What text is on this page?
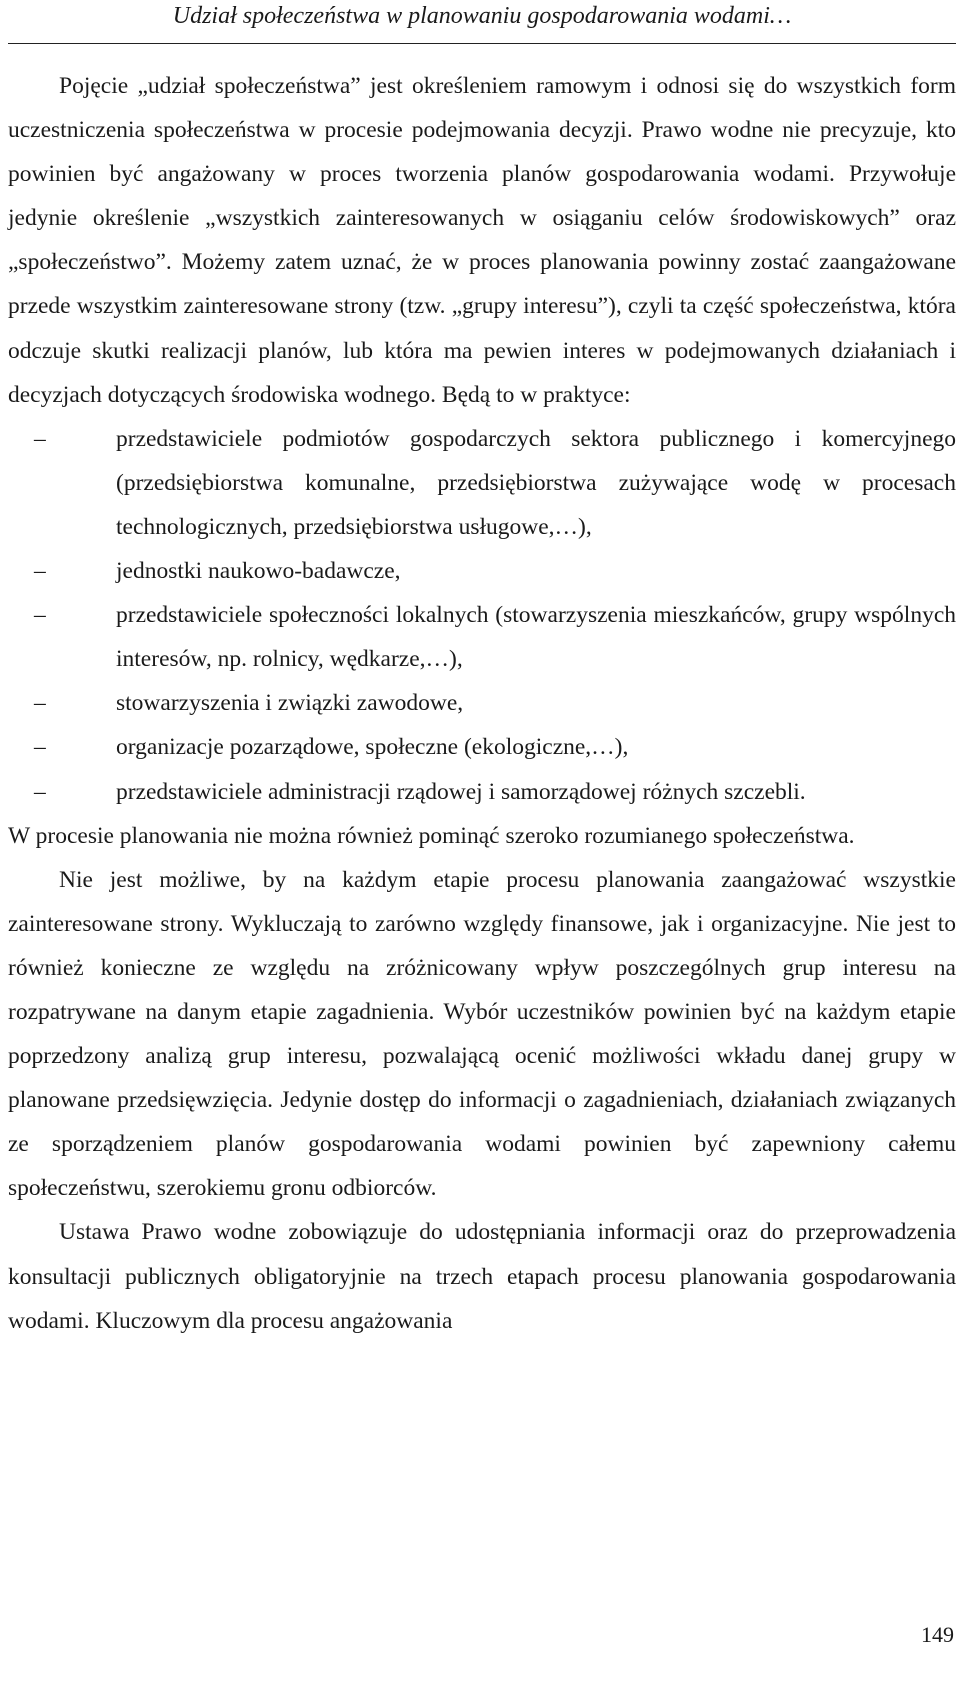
Udział społeczeństwa w planowaniu gospodarowania wodami…

Pojęcie „udział społeczeństwa” jest określeniem ramowym i odnosi się do wszystkich form uczestniczenia społeczeństwa w procesie podejmowania decyzji. Prawo wodne nie precyzuje, kto powinien być angażowany w proces tworzenia planów gospodarowania wodami. Przywołuje jedynie określenie „wszystkich zainteresowanych w osiąganiu celów środowiskowych” oraz „społeczeństwo”. Możemy zatem uznać, że w proces planowania powinny zostać zaangażowane przede wszystkim zainteresowane strony (tzw. „grupy interesu”), czyli ta część społeczeństwa, która odczuje skutki realizacji planów, lub która ma pewien interes w podejmowanych działaniach i decyzjach dotyczących środowiska wodnego. Będą to w praktyce:

–	przedstawiciele podmiotów gospodarczych sektora publicznego i komercyjnego (przedsiębiorstwa komunalne, przedsiębiorstwa zużywające wodę w procesach technologicznych, przedsiębiorstwa usługowe,…),
–	jednostki naukowo-badawcze,
–	przedstawiciele społeczności lokalnych (stowarzyszenia mieszkańców, grupy wspólnych interesów, np. rolnicy, wędkarze,…),
–	stowarzyszenia i związki zawodowe,
–	organizacje pozarządowe, społeczne (ekologiczne,…),
–	przedstawiciele administracji rządowej i samorządowej różnych szczebli.

W procesie planowania nie można również pominąć szeroko rozumianego społeczeństwa.

Nie jest możliwe, by na każdym etapie procesu planowania zaangażować wszystkie zainteresowane strony. Wykluczają to zarówno względy finansowe, jak i organizacyjne. Nie jest to również konieczne ze względu na zróżnicowany wpływ poszczególnych grup interesu na rozpatrywane na danym etapie zagadnienia. Wybór uczestników powinien być na każdym etapie poprzedzony analizą grup interesu, pozwalającą ocenić możliwości wkładu danej grupy w planowane przedsięwzięcia. Jedynie dostęp do informacji o zagadnieniach, działaniach związanych ze sporządzeniem planów gospodarowania wodami powinien być zapewniony całemu społeczeństwu, szerokiemu gronu odbiorców.

Ustawa Prawo wodne zobowiązuje do udostępniania informacji oraz do przeprowadzenia konsultacji publicznych obligatoryjnie na trzech etapach procesu planowania gospodarowania wodami. Kluczowym dla procesu angażowania

149
